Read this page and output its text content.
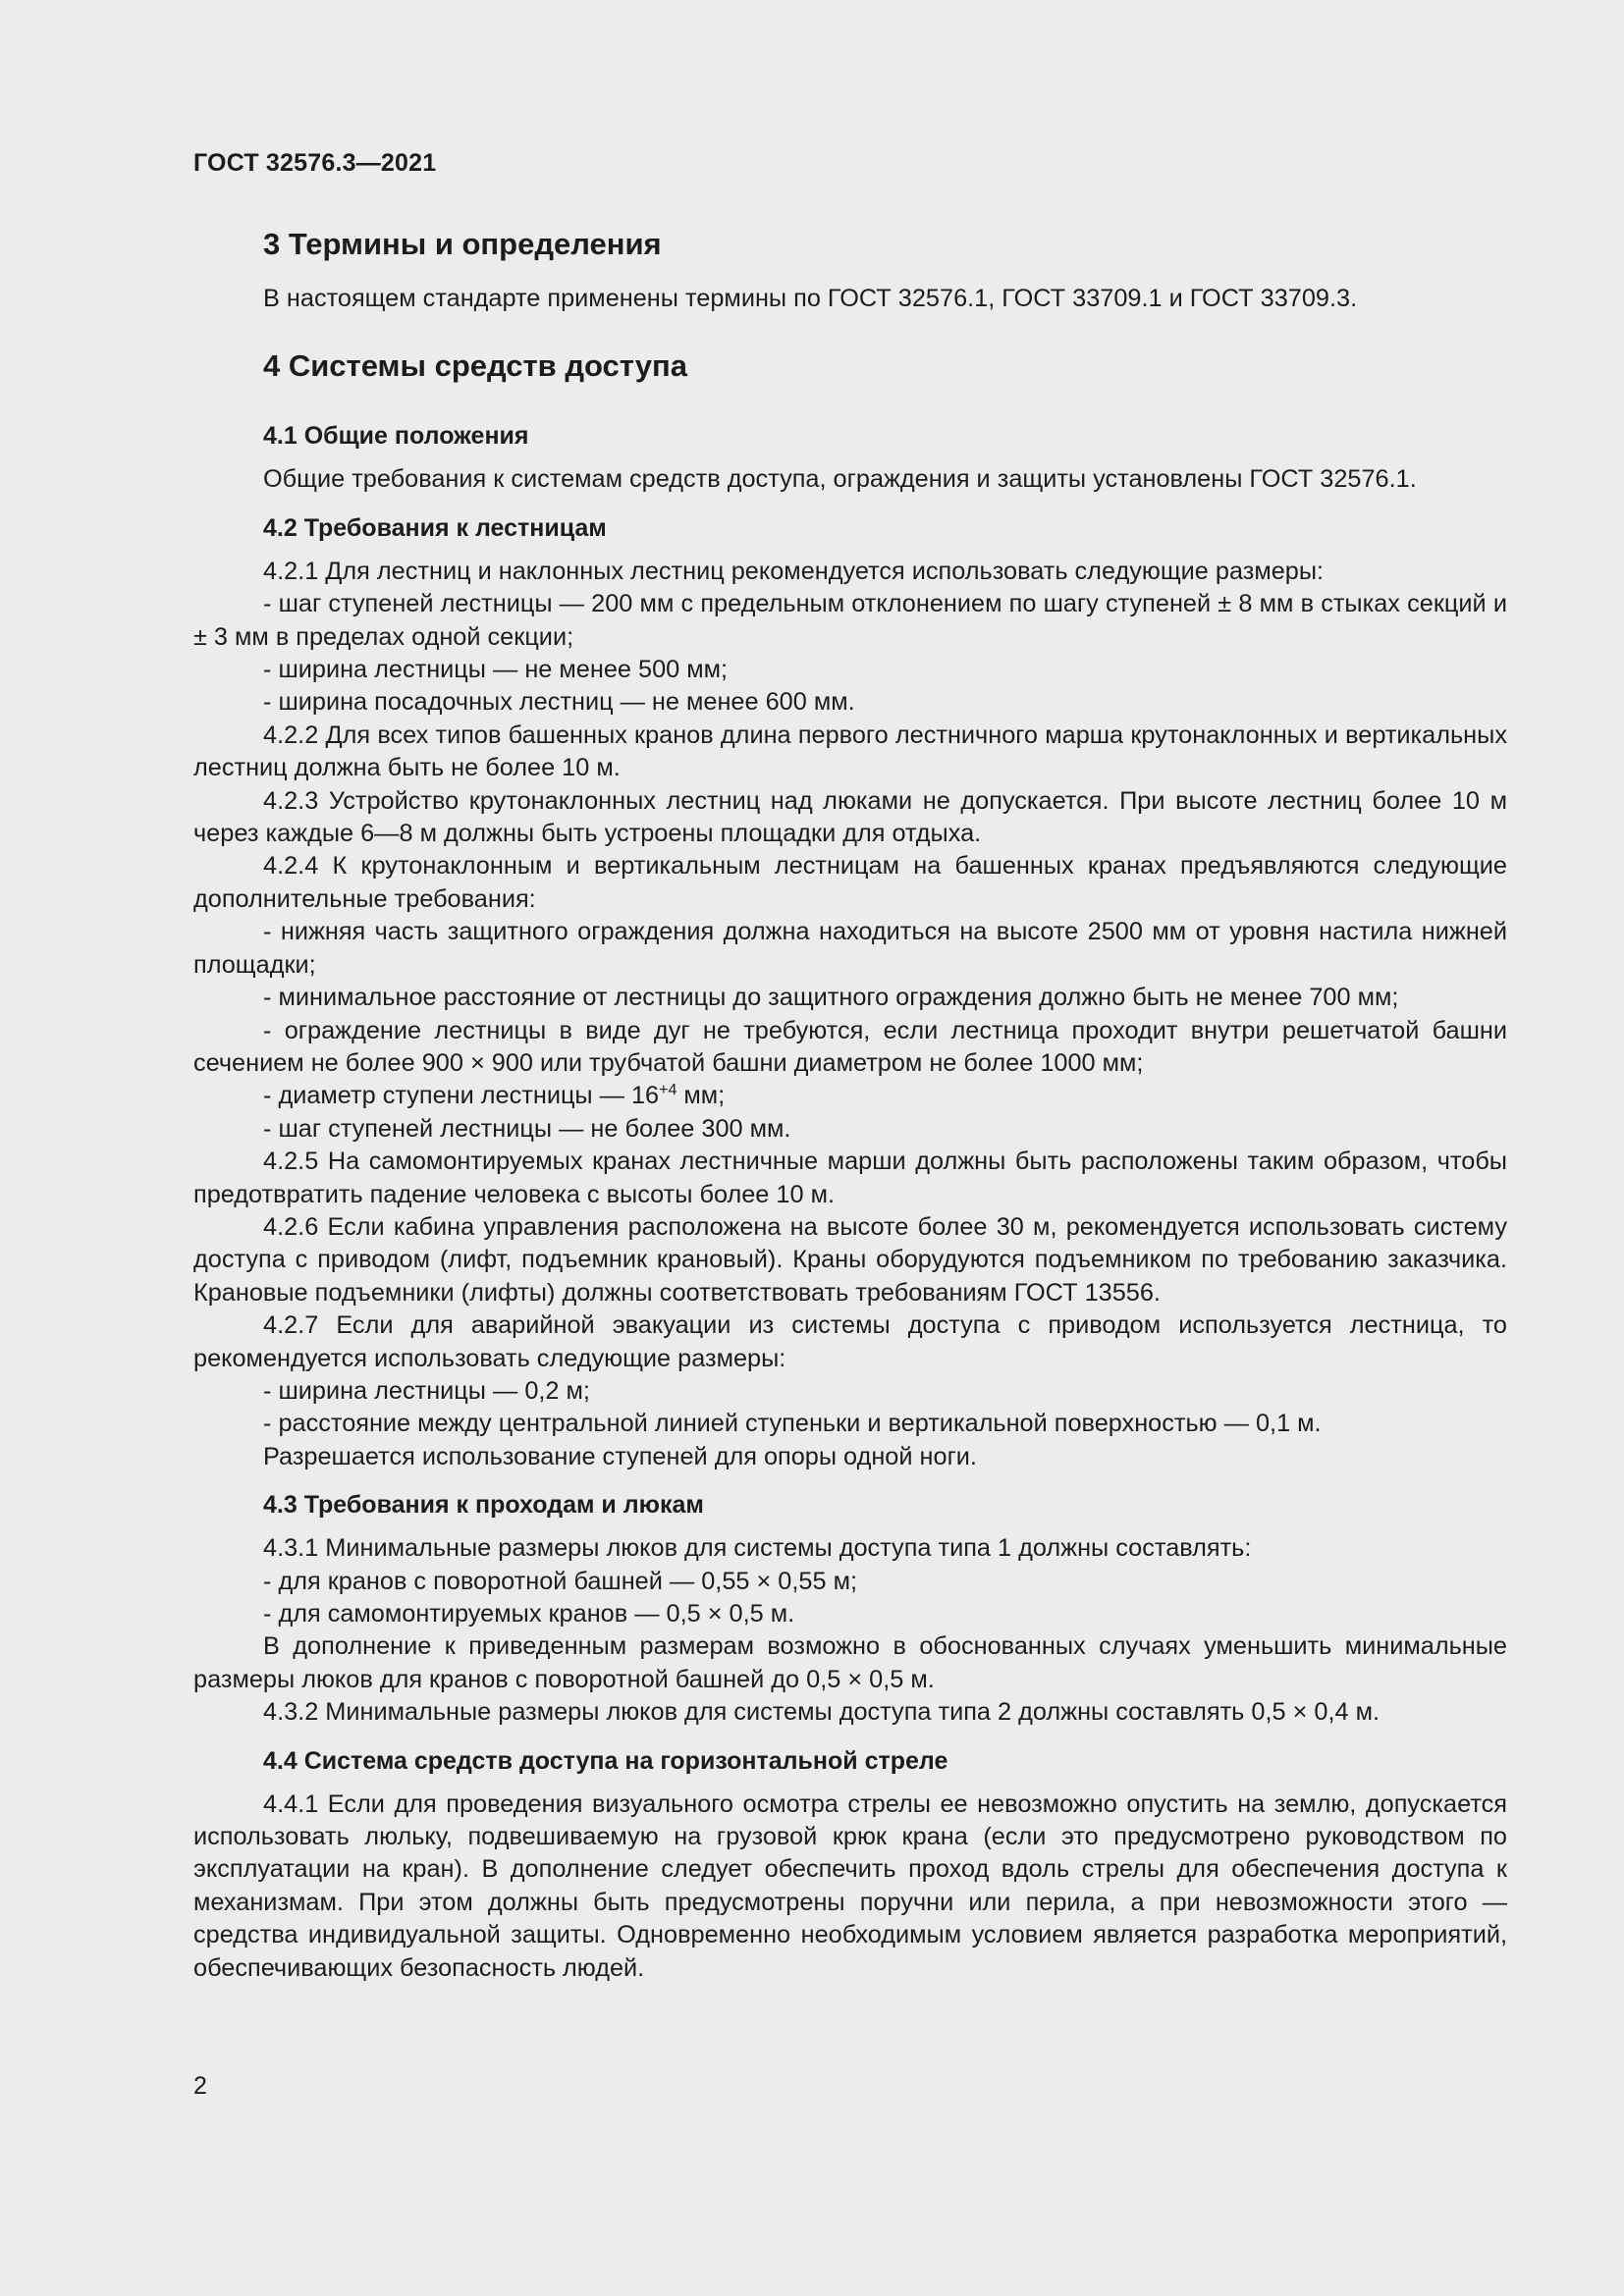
ГОСТ 32576.3—2021
3 Термины и определения
В настоящем стандарте применены термины по ГОСТ 32576.1, ГОСТ 33709.1 и ГОСТ 33709.3.
4 Системы средств доступа
4.1 Общие положения
Общие требования к системам средств доступа, ограждения и защиты установлены ГОСТ 32576.1.
4.2 Требования к лестницам
4.2.1 Для лестниц и наклонных лестниц рекомендуется использовать следующие размеры:
- шаг ступеней лестницы — 200 мм с предельным отклонением по шагу ступеней ± 8 мм в стыках секций и ± 3 мм в пределах одной секции;
- ширина лестницы — не менее 500 мм;
- ширина посадочных лестниц — не менее 600 мм.
4.2.2 Для всех типов башенных кранов длина первого лестничного марша крутонаклонных и вертикальных лестниц должна быть не более 10 м.
4.2.3 Устройство крутонаклонных лестниц над люками не допускается. При высоте лестниц более 10 м через каждые 6—8 м должны быть устроены площадки для отдыха.
4.2.4 К крутонаклонным и вертикальным лестницам на башенных кранах предъявляются следующие дополнительные требования:
- нижняя часть защитного ограждения должна находиться на высоте 2500 мм от уровня настила нижней площадки;
- минимальное расстояние от лестницы до защитного ограждения должно быть не менее 700 мм;
- ограждение лестницы в виде дуг не требуются, если лестница проходит внутри решетчатой башни сечением не более 900 × 900 или трубчатой башни диаметром не более 1000 мм;
- диаметр ступени лестницы — $16^{+4}$ мм;
- шаг ступеней лестницы — не более 300 мм.
4.2.5 На самомонтируемых кранах лестничные марши должны быть расположены таким образом, чтобы предотвратить падение человека с высоты более 10 м.
4.2.6 Если кабина управления расположена на высоте более 30 м, рекомендуется использовать систему доступа с приводом (лифт, подъемник крановый). Краны оборудуются подъемником по требованию заказчика. Крановые подъемники (лифты) должны соответствовать требованиям ГОСТ 13556.
4.2.7 Если для аварийной эвакуации из системы доступа с приводом используется лестница, то рекомендуется использовать следующие размеры:
- ширина лестницы — 0,2 м;
- расстояние между центральной линией ступеньки и вертикальной поверхностью — 0,1 м.
Разрешается использование ступеней для опоры одной ноги.
4.3 Требования к проходам и люкам
4.3.1 Минимальные размеры люков для системы доступа типа 1 должны составлять:
- для кранов с поворотной башней — 0,55 × 0,55 м;
- для самомонтируемых кранов — 0,5 × 0,5 м.
В дополнение к приведенным размерам возможно в обоснованных случаях уменьшить минимальные размеры люков для кранов с поворотной башней до 0,5 × 0,5 м.
4.3.2 Минимальные размеры люков для системы доступа типа 2 должны составлять 0,5 × 0,4 м.
4.4 Система средств доступа на горизонтальной стреле
4.4.1 Если для проведения визуального осмотра стрелы ее невозможно опустить на землю, допускается использовать люльку, подвешиваемую на грузовой крюк крана (если это предусмотрено руководством по эксплуатации на кран). В дополнение следует обеспечить проход вдоль стрелы для обеспечения доступа к механизмам. При этом должны быть предусмотрены поручни или перила, а при невозможности этого — средства индивидуальной защиты. Одновременно необходимым условием является разработка мероприятий, обеспечивающих безопасность людей.
2
